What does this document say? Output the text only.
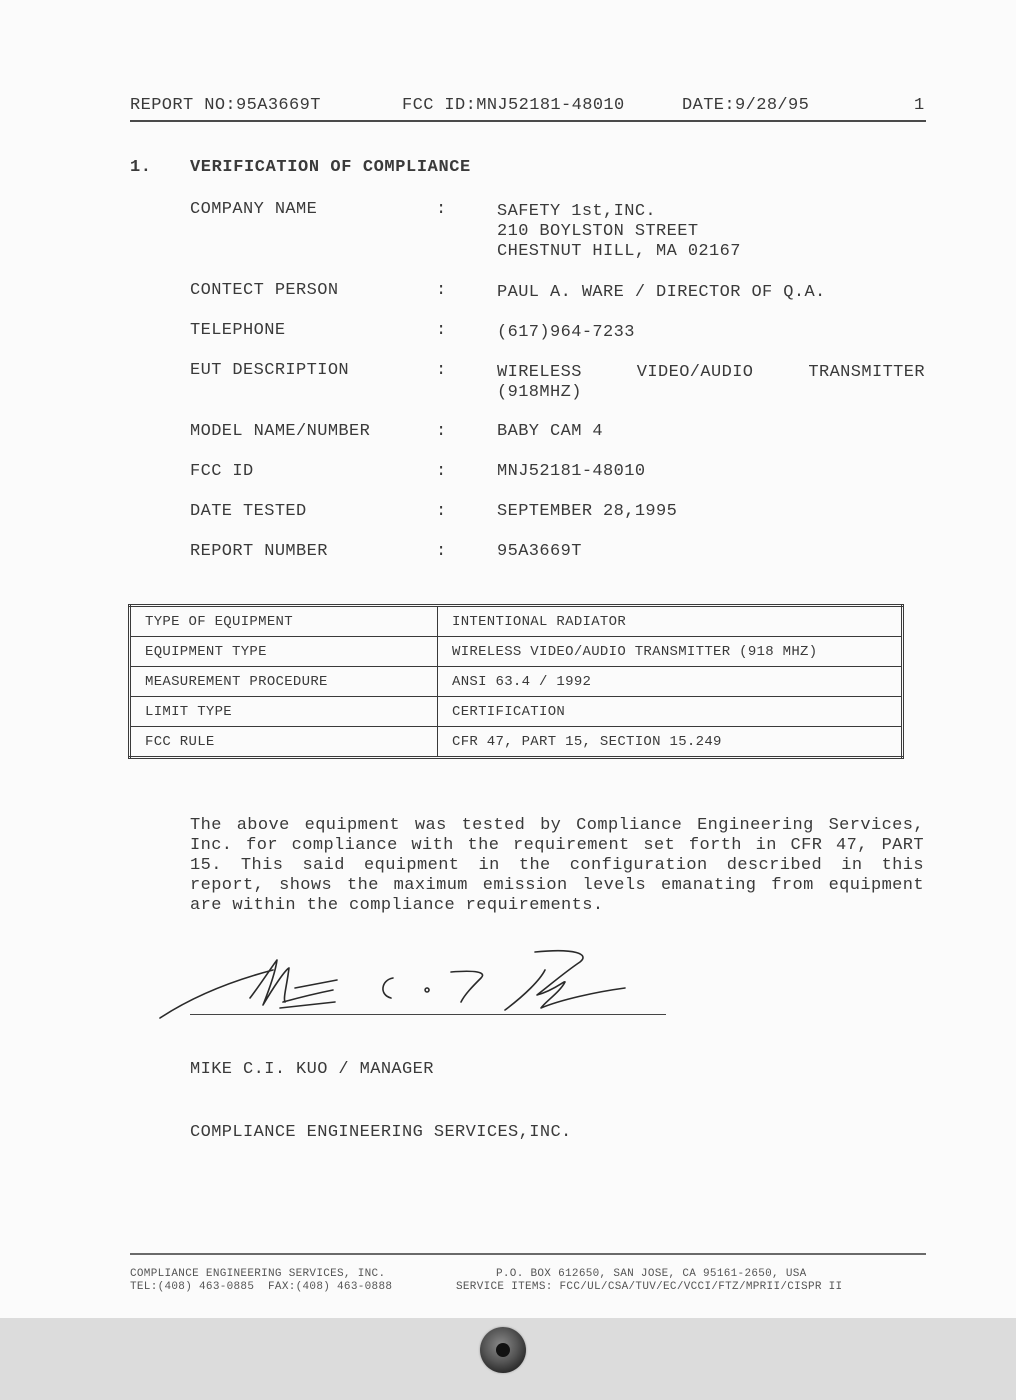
REPORT NO:95A3669T	FCC ID:MNJ52181-48010	DATE:9/28/95	1

1.

VERIFICATION OF COMPLIANCE

COMPANY NAME	:	SAFETY 1st,INC.
210 BOYLSTON STREET
CHESTNUT HILL, MA 02167
CONTECT PERSON	:	PAUL A. WARE / DIRECTOR OF Q.A.
TELEPHONE	:	(617)964-7233
EUT DESCRIPTION	:	WIRELESS VIDEO/AUDIO TRANSMITTER
(918MHZ)
MODEL NAME/NUMBER	:	BABY CAM 4
FCC ID	:	MNJ52181-48010
DATE TESTED	:	SEPTEMBER 28,1995
REPORT NUMBER	:	95A3669T
TYPE OF EQUIPMENT	INTENTIONAL RADIATOR
EQUIPMENT TYPE	WIRELESS VIDEO/AUDIO TRANSMITTER (918 MHZ)
MEASUREMENT PROCEDURE	ANSI 63.4 / 1992
LIMIT TYPE	CERTIFICATION
FCC RULE	CFR 47, PART 15, SECTION 15.249
The above equipment was tested by Compliance Engineering Services, Inc. for compliance with the requirement set forth in CFR 47, PART 15. This said equipment in the configuration described in this report, shows the maximum emission levels emanating from equipment are within the compliance requirements.

MIKE C.I. KUO / MANAGER

COMPLIANCE ENGINEERING SERVICES,INC.

COMPLIANCE ENGINEERING SERVICES, INC.	P.O. BOX 612650, SAN JOSE, CA 95161-2650, USA
TEL:(408) 463-0885  FAX:(408) 463-0888	SERVICE ITEMS: FCC/UL/CSA/TUV/EC/VCCI/FTZ/MPRII/CISPR II
